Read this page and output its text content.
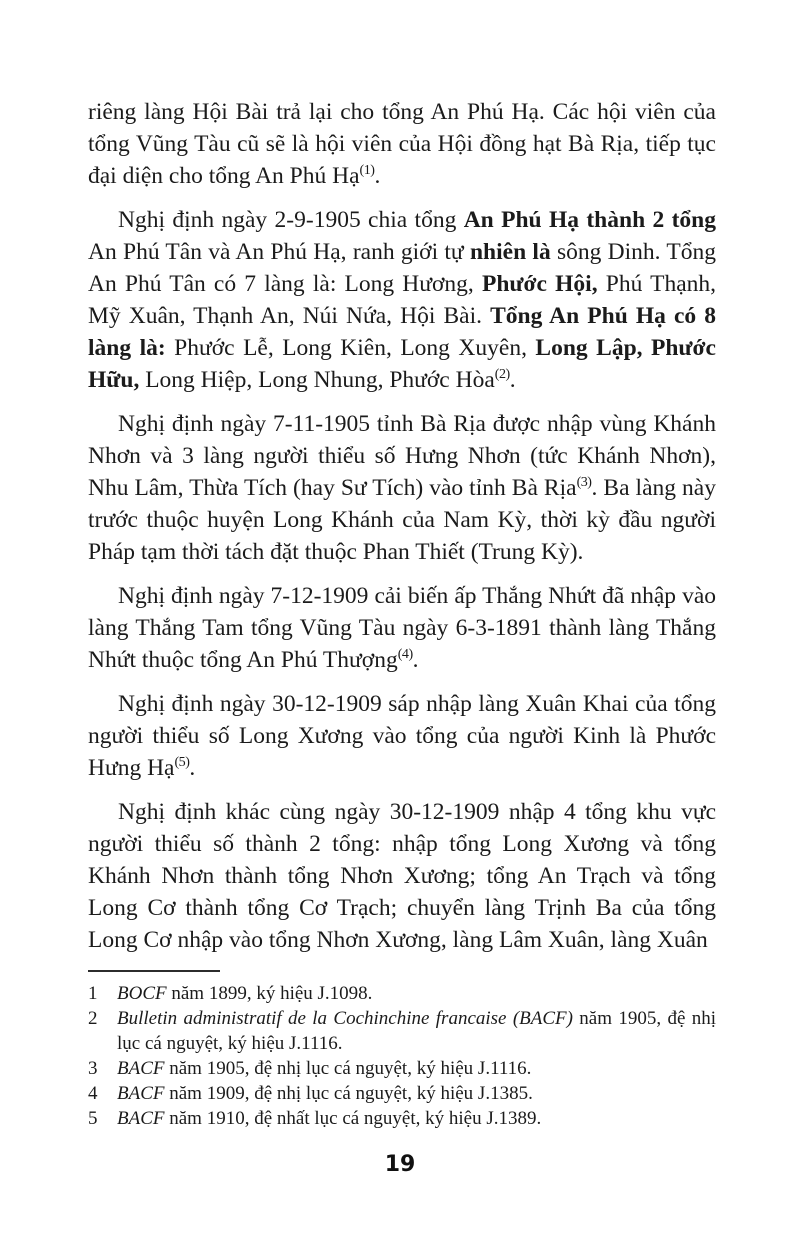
riêng làng Hội Bài trả lại cho tổng An Phú Hạ. Các hội viên của tổng Vũng Tàu cũ sẽ là hội viên của Hội đồng hạt Bà Rịa, tiếp tục đại diện cho tổng An Phú Hạ$^{(1)}$.

Nghị định ngày 2-9-1905 chia tổng An Phú Hạ thành 2 tổng An Phú Tân và An Phú Hạ, ranh giới tự nhiên là sông Dinh. Tổng An Phú Tân có 7 làng là: Long Hương, Phước Hội, Phú Thạnh, Mỹ Xuân, Thạnh An, Núi Nứa, Hội Bài. Tổng An Phú Hạ có 8 làng là: Phước Lễ, Long Kiên, Long Xuyên, Long Lập, Phước Hữu, Long Hiệp, Long Nhung, Phước Hòa$^{(2)}$.

Nghị định ngày 7-11-1905 tỉnh Bà Rịa được nhập vùng Khánh Nhơn và 3 làng người thiểu số Hưng Nhơn (tức Khánh Nhơn), Nhu Lâm, Thừa Tích (hay Sư Tích) vào tỉnh Bà Rịa$^{(3)}$. Ba làng này trước thuộc huyện Long Khánh của Nam Kỳ, thời kỳ đầu người Pháp tạm thời tách đặt thuộc Phan Thiết (Trung Kỳ).

Nghị định ngày 7-12-1909 cải biến ấp Thắng Nhứt đã nhập vào làng Thắng Tam tổng Vũng Tàu ngày 6-3-1891 thành làng Thắng Nhứt thuộc tổng An Phú Thượng$^{(4)}$.

Nghị định ngày 30-12-1909 sáp nhập làng Xuân Khai của tổng người thiểu số Long Xương vào tổng của người Kinh là Phước Hưng Hạ$^{(5)}$.

Nghị định khác cùng ngày 30-12-1909 nhập 4 tổng khu vực người thiểu số thành 2 tổng: nhập tổng Long Xương và tổng Khánh Nhơn thành tổng Nhơn Xương; tổng An Trạch và tổng Long Cơ thành tổng Cơ Trạch; chuyển làng Trịnh Ba của tổng Long Cơ nhập vào tổng Nhơn Xương, làng Lâm Xuân, làng Xuân

1	BOCF năm 1899, ký hiệu J.1098.
2	Bulletin administratif de la Cochinchine francaise (BACF) năm 1905, đệ nhị lục cá nguyệt, ký hiệu J.1116.
3	BACF năm 1905, đệ nhị lục cá nguyệt, ký hiệu J.1116.
4	BACF năm 1909, đệ nhị lục cá nguyệt, ký hiệu J.1385.
5	BACF năm 1910, đệ nhất lục cá nguyệt, ký hiệu J.1389.
19
